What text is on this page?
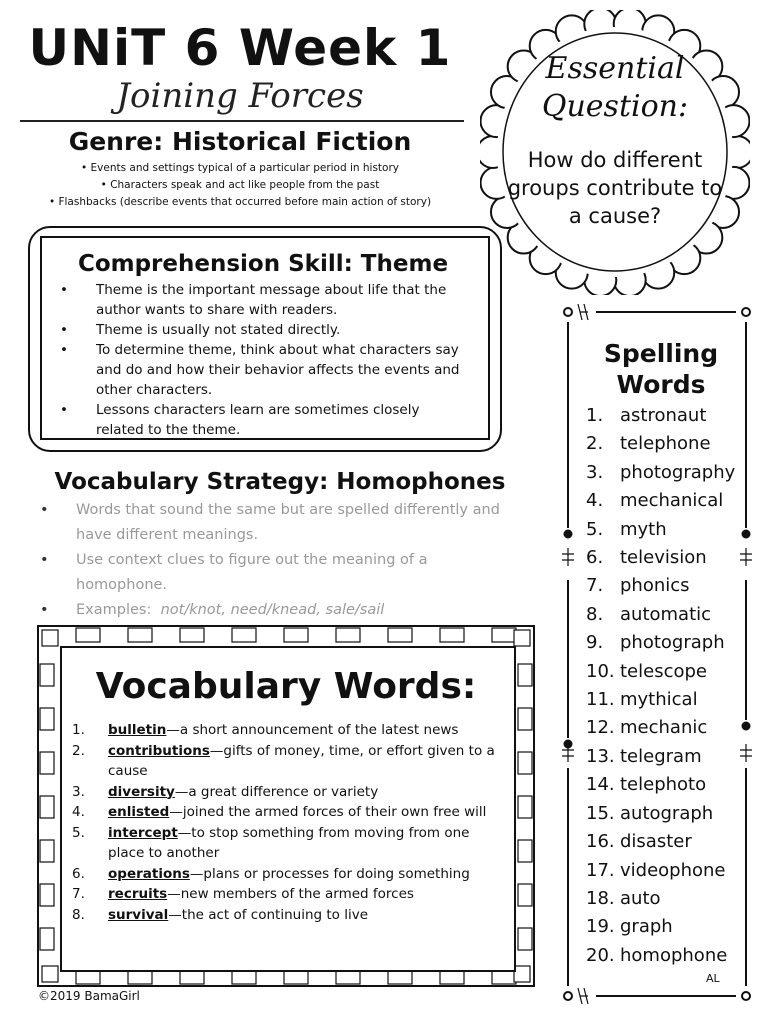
UNiT 6 Week 1
Joining Forces
Genre: Historical Fiction
• Events and settings typical of a particular period in history
• Characters speak and act like people from the past
• Flashbacks (describe events that occurred before main action of story)
Essential
Question:
How do different groups contribute to a cause?
Comprehension Skill: Theme
• Theme is the important message about life that the author wants to share with readers.
• Theme is usually not stated directly.
• To determine theme, think about what characters say and do and how their behavior affects the events and other characters.
• Lessons characters learn are sometimes closely related to the theme.
Vocabulary Strategy: Homophones
• Words that sound the same but are spelled differently and have different meanings.
• Use context clues to figure out the meaning of a homophone.
• Examples: not/knot, need/knead, sale/sail
Vocabulary Words:
1. bulletin—a short announcement of the latest news
2. contributions—gifts of money, time, or effort given to a cause
3. diversity—a great difference or variety
4. enlisted—joined the armed forces of their own free will
5. intercept—to stop something from moving from one place to another
6. operations—plans or processes for doing something
7. recruits—new members of the armed forces
8. survival—the act of continuing to live
©2019 BamaGirl
Spelling
Words
1. astronaut
2. telephone
3. photography
4. mechanical
5. myth
6. television
7. phonics
8. automatic
9. photograph
10. telescope
11. mythical
12. mechanic
13. telegram
14. telephoto
15. autograph
16. disaster
17. videophone
18. auto
19. graph
20. homophone
AL
